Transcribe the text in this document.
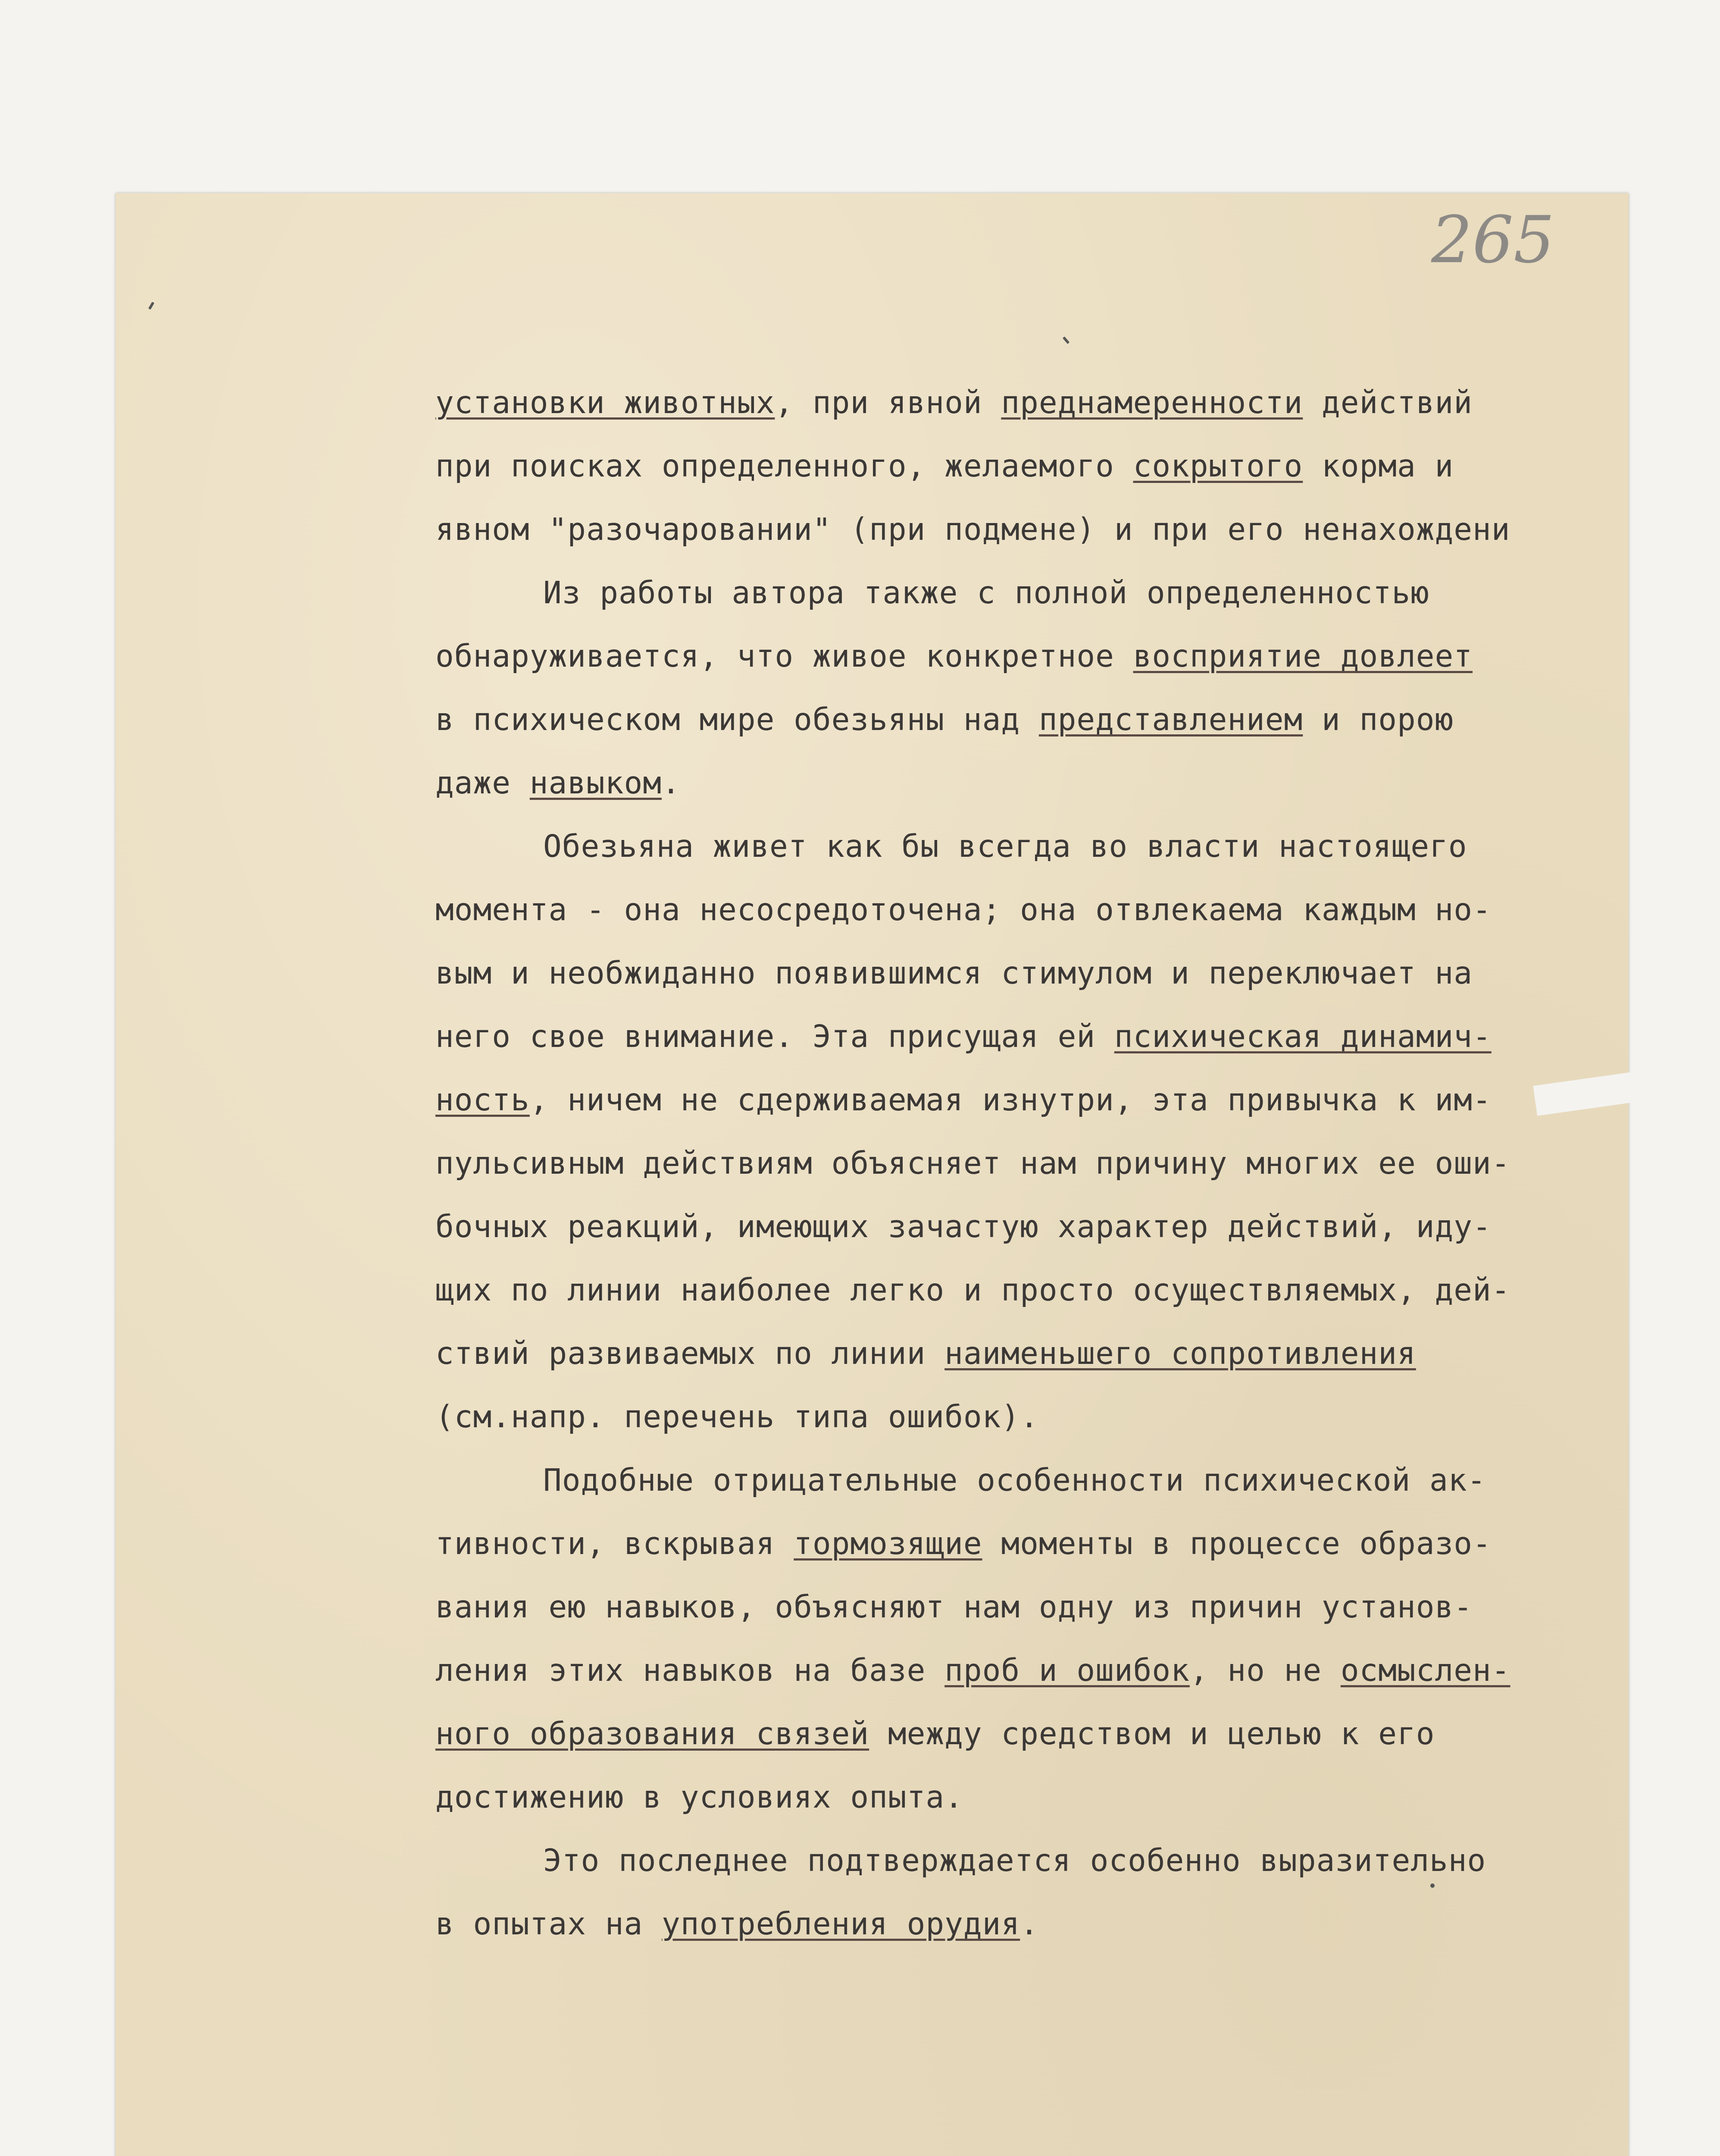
265
установки животных, при явной преднамеренности действий
при поисках определенного, желаемого сокрытого корма и
явном "разочаровании" (при подмене) и при его ненахождени
Из работы автора также с полной определенностью
обнаруживается, что живое конкретное восприятие довлеет
в психическом мире обезьяны над представлением и порою
даже навыком.
Обезьяна живет как бы всегда во власти настоящего
момента - она несосредоточена; она отвлекаема каждым но-
вым и необжиданно появившимся стимулом и переключает на
него свое внимание. Эта присущая ей психическая динамич-
ность, ничем не сдерживаемая изнутри, эта привычка к им-
пульсивным действиям объясняет нам причину многих ее оши-
бочных реакций, имеющих зачастую характер действий, иду-
щих по линии наиболее легко и просто осуществляемых, дей-
ствий развиваемых по линии наименьшего сопротивления
(см.напр. перечень типа ошибок).
Подобные отрицательные особенности психической ак-
тивности, вскрывая тормозящие моменты в процессе образо-
вания ею навыков, объясняют нам одну из причин установ-
ления этих навыков на базе проб и ошибок, но не осмыслен-
ного образования связей между средством и целью к его
достижению в условиях опыта.
Это последнее подтверждается особенно выразительно
в опытах на употребления орудия.
